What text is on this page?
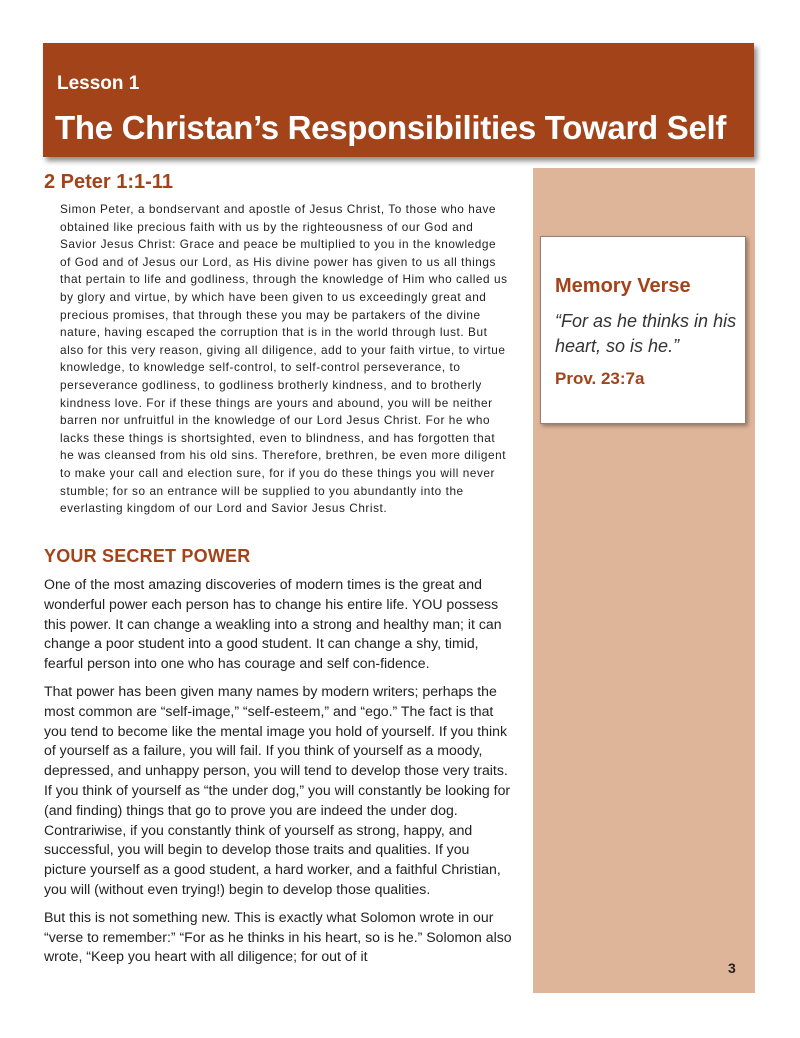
Lesson 1
The Christan’s Responsibilities Toward Self
Memory Verse
“For as he thinks in his heart, so is he.”
Prov. 23:7a
3
2 Peter 1:1-11
Simon Peter, a bondservant and apostle of Jesus Christ, To those who have obtained like precious faith with us by the righteousness of our God and Savior Jesus Christ: Grace and peace be multiplied to you in the knowledge of God and of Jesus our Lord, as His divine power has given to us all things that pertain to life and godliness, through the knowledge of Him who called us by glory and virtue, by which have been given to us exceedingly great and precious promises, that through these you may be partakers of the divine nature, having escaped the corruption that is in the world through lust. But also for this very reason, giving all diligence, add to your faith virtue, to virtue knowledge, to knowledge self-control, to self-control perseverance, to perseverance godliness, to godliness brotherly kindness, and to brotherly kindness love. For if these things are yours and abound, you will be neither barren nor unfruitful in the knowledge of our Lord Jesus Christ. For he who lacks these things is shortsighted, even to blindness, and has forgotten that he was cleansed from his old sins. Therefore, brethren, be even more diligent to make your call and election sure, for if you do these things you will never stumble; for so an entrance will be supplied to you abundantly into the everlasting kingdom of our Lord and Savior Jesus Christ.
YOUR SECRET POWER

One of the most amazing discoveries of modern times is the great and wonderful power each person has to change his entire life. YOU possess this power. It can change a weakling into a strong and healthy man; it can change a poor student into a good student. It can change a shy, timid, fearful person into one who has courage and self con-fidence.

That power has been given many names by modern writers; perhaps the most common are “self-image,” “self-esteem,” and “ego.” The fact is that you tend to become like the mental image you hold of yourself. If you think of yourself as a failure, you will fail. If you think of yourself as a moody, depressed, and unhappy person, you will tend to develop those very traits. If you think of yourself as “the under dog,” you will constantly be looking for (and finding) things that go to prove you are indeed the under dog. Contrariwise, if you constantly think of yourself as strong, happy, and successful, you will begin to develop those traits and qualities. If you picture yourself as a good student, a hard worker, and a faithful Christian, you will (without even trying!) begin to develop those qualities.

But this is not something new. This is exactly what Solomon wrote in our “verse to remember:” “For as he thinks in his heart, so is he.” Solomon also wrote, “Keep you heart with all diligence; for out of it
